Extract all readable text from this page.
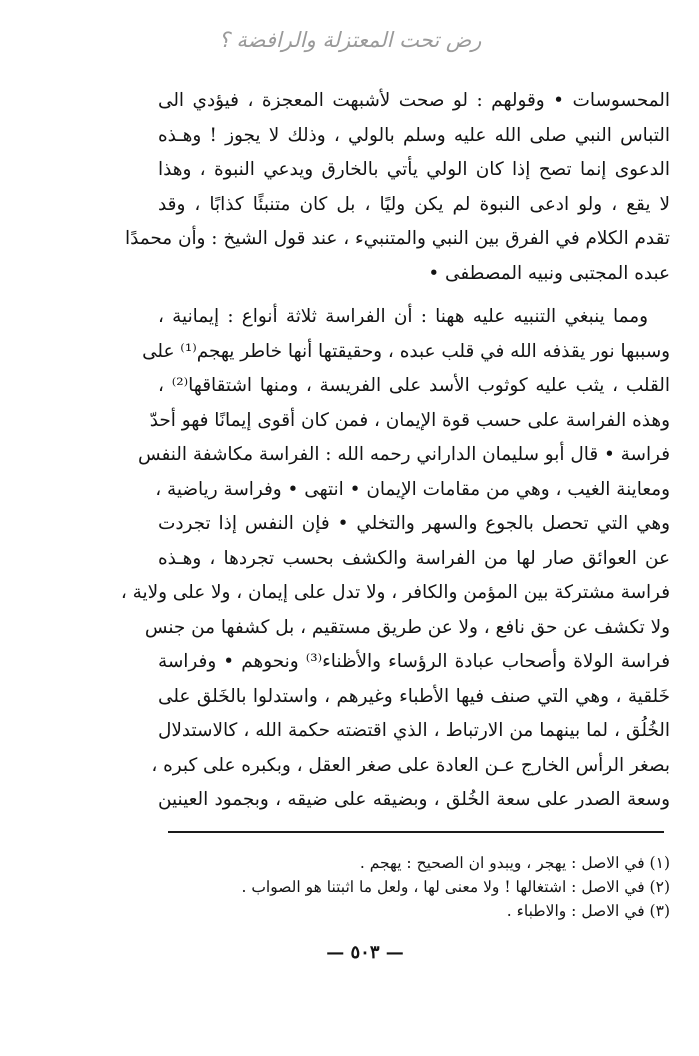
رض تحت المعتزلة والرافضة ؟
المحسوسات • وقولهم : لو صحت لأشبهت المعجزة ، فيؤدي الى
التباس النبي صلى الله عليه وسلم بالولي ، وذلك لا يجوز ! وهـذه
الدعوى إنما تصح إذا كان الولي يأتي بالخارق ويدعي النبوة ، وهذا
لا يقع ، ولو ادعى النبوة لم يكن وليًا ، بل كان متنبئًا كذابًا ، وقد
تقدم الكلام في الفرق بين النبي والمتنبيء ، عند قول الشيخ : وأن محمدًا
عبده المجتبى ونبيه المصطفى •
ومما ينبغي التنبيه عليه ههنا : أن الفراسة ثلاثة أنواع : إيمانية ،
وسببها نور يقذفه الله في قلب عبده ، وحقيقتها أنها خاطر يهجم⁽¹⁾ على
القلب ، يثب عليه كوثوب الأسد على الفريسة ، ومنها اشتقاقها⁽²⁾ ،
وهذه الفراسة على حسب قوة الإيمان ، فمن كان أقوى إيمانًا فهو أحدّ
فراسة • قال أبو سليمان الداراني رحمه الله : الفراسة مكاشفة النفس
ومعاينة الغيب ، وهي من مقامات الإيمان • انتهى • وفراسة رياضية ،
وهي التي تحصل بالجوع والسهر والتخلي • فإن النفس إذا تجردت
عن العوائق صار لها من الفراسة والكشف بحسب تجردها ، وهـذه
فراسة مشتركة بين المؤمن والكافر ، ولا تدل على إيمان ، ولا على ولاية ،
ولا تكشف عن حق نافع ، ولا عن طريق مستقيم ، بل كشفها من جنس
فراسة الولاة وأصحاب عبادة الرؤساء والأظناء⁽³⁾ ونحوهم • وفراسة
خَلقية ، وهي التي صنف فيها الأطباء وغيرهم ، واستدلوا بالخَلق على
الخُلُق ، لما بينهما من الارتباط ، الذي اقتضته حكمة الله ، كالاستدلال
بصغر الرأس الخارج عـن العادة على صغر العقل ، وبكبره على كبره ،
وسعة الصدر على سعة الخُلق ، وبضيقه على ضيقه ، وبجمود العينين
(١) في الاصل : يهجر ، ويبدو ان الصحيح : يهجم .
(٢) في الاصل : اشتغالها ! ولا معنى لها ، ولعل ما اثبتنا هو الصواب .
(٣) في الاصل : والاطباء .
— ٥٠٣ —
